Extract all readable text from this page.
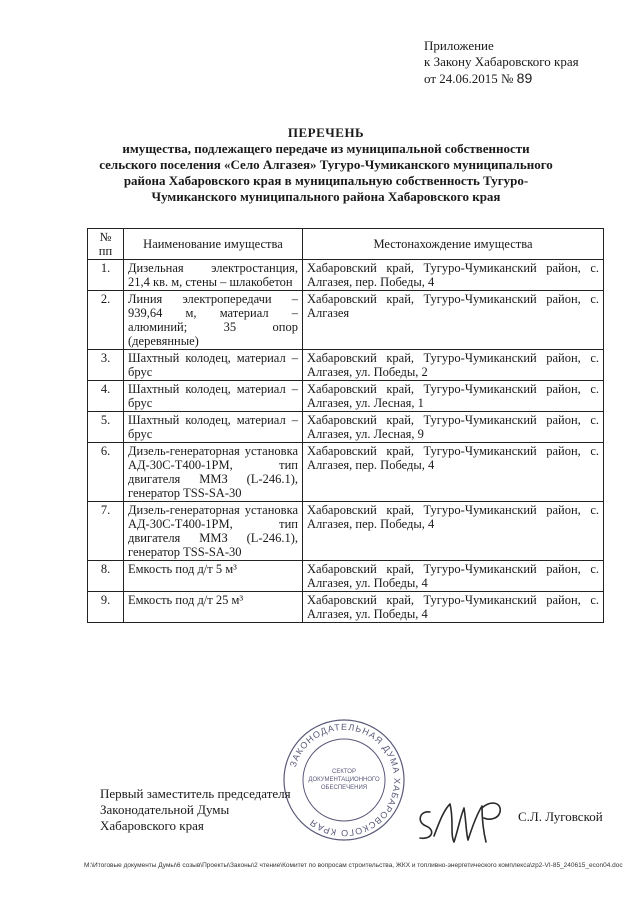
Приложение
к Закону Хабаровского края
от 24.06.2015 № 89
ПЕРЕЧЕНЬ
имущества, подлежащего передаче из муниципальной собственности сельского поселения «Село Алгазея» Тугуро-Чумиканского муниципального района Хабаровского края в муниципальную собственность Тугуро-Чумиканского муниципального района Хабаровского края
№ пп	Наименование имущества	Местонахождение имущества
1.	Дизельная электростанция, 21,4 кв. м, стены – шлакобетон	Хабаровский край, Тугуро-Чумиканский район, с. Алгазея, пер. Победы, 4
2.	Линия электропередачи – 939,64 м, материал – алюминий; 35 опор (деревянные)	Хабаровский край, Тугуро-Чумиканский район, с. Алгазея
3.	Шахтный колодец, материал – брус	Хабаровский край, Тугуро-Чумиканский район, с. Алгазея, ул. Победы, 2
4.	Шахтный колодец, материал – брус	Хабаровский край, Тугуро-Чумиканский район, с. Алгазея, ул. Лесная, 1
5.	Шахтный колодец, материал – брус	Хабаровский край, Тугуро-Чумиканский район, с. Алгазея, ул. Лесная, 9
6.	Дизель-генераторная установка АД-30С-Т400-1РМ, тип двигателя ММЗ (L-246.1), генератор TSS-SA-30	Хабаровский край, Тугуро-Чумиканский район, с. Алгазея, пер. Победы, 4
7.	Дизель-генераторная установка АД-30С-Т400-1РМ, тип двигателя ММЗ (L-246.1), генератор TSS-SA-30	Хабаровский край, Тугуро-Чумиканский район, с. Алгазея, пер. Победы, 4
8.	Емкость под д/т 5 м³	Хабаровский край, Тугуро-Чумиканский район, с. Алгазея, ул. Победы, 4
9.	Емкость под д/т 25 м³	Хабаровский край, Тугуро-Чумиканский район, с. Алгазея, ул. Победы, 4
ЗАКОНОДАТЕЛЬНАЯ ДУМА ХАБАРОВСКОГО КРАЯ
СЕКТОР
ДОКУМЕНТАЦИОННОГО
ОБЕСПЕЧЕНИЯ
Первый заместитель председателя
Законодательной Думы
Хабаровского края
С.Л. Луговской
M:\Итоговые документы Думы\6 созыв\Проекты\Законы\2 чтение\Комитет по вопросам строительства, ЖКХ и топливно-энергетического комплекса\zp2-VI-85_240615_econ04.doc
